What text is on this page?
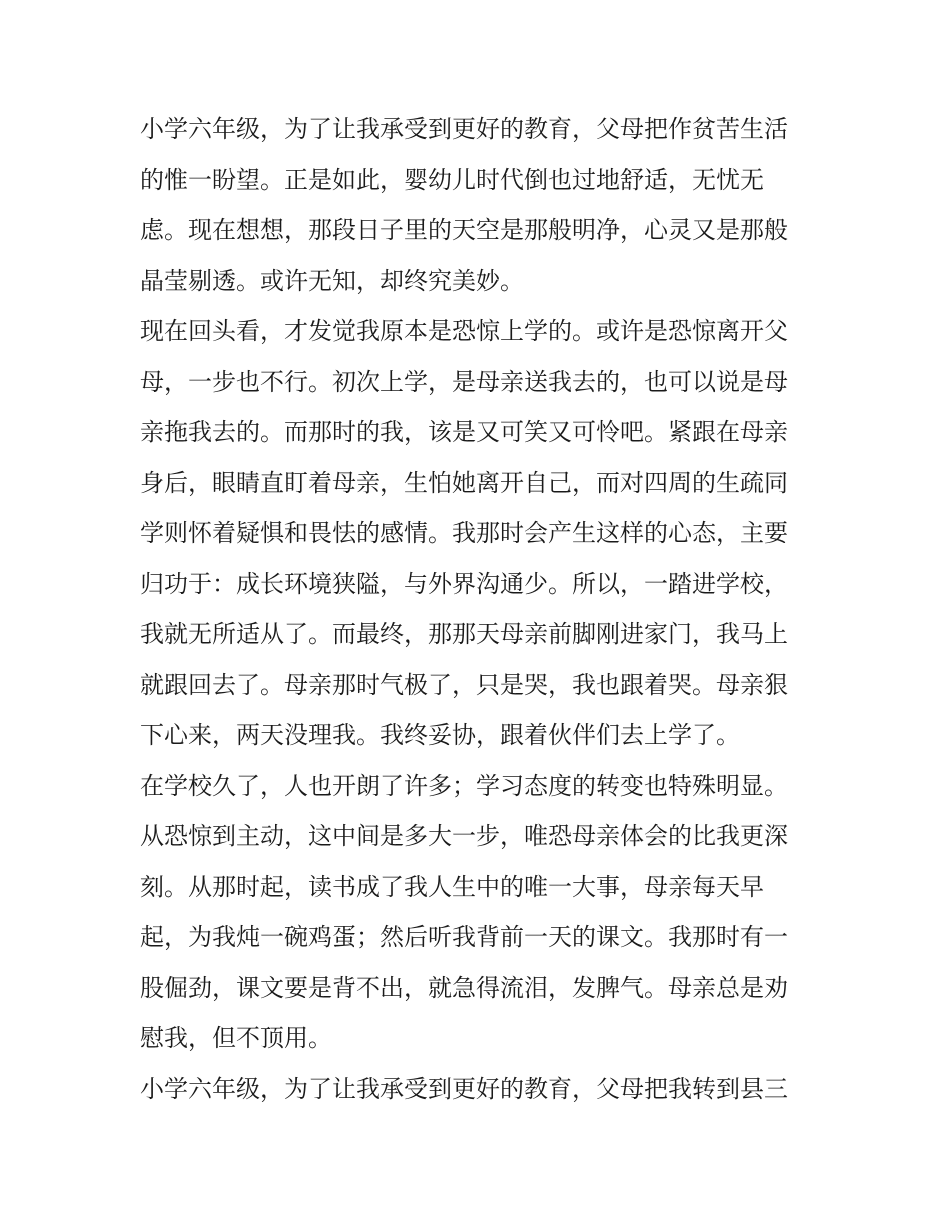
小学六年级，为了让我承受到更好的教育，父母把作贫苦生活
的惟一盼望。正是如此，婴幼儿时代倒也过地舒适，无忧无
虑。现在想想，那段日子里的天空是那般明净，心灵又是那般
晶莹剔透。或许无知，却终究美妙。
现在回头看，才发觉我原本是恐惊上学的。或许是恐惊离开父
母，一步也不行。初次上学，是母亲送我去的，也可以说是母
亲拖我去的。而那时的我，该是又可笑又可怜吧。紧跟在母亲
身后，眼睛直盯着母亲，生怕她离开自己，而对四周的生疏同
学则怀着疑惧和畏怯的感情。我那时会产生这样的心态，主要
归功于：成长环境狭隘，与外界沟通少。所以，一踏进学校，
我就无所适从了。而最终，那那天母亲前脚刚进家门，我马上
就跟回去了。母亲那时气极了，只是哭，我也跟着哭。母亲狠
下心来，两天没理我。我终妥协，跟着伙伴们去上学了。
在学校久了，人也开朗了许多；学习态度的转变也特殊明显。
从恐惊到主动，这中间是多大一步，唯恐母亲体会的比我更深
刻。从那时起，读书成了我人生中的唯一大事，母亲每天早
起，为我炖一碗鸡蛋；然后听我背前一天的课文。我那时有一
股倔劲，课文要是背不出，就急得流泪，发脾气。母亲总是劝
慰我，但不顶用。
小学六年级，为了让我承受到更好的教育，父母把我转到县三
